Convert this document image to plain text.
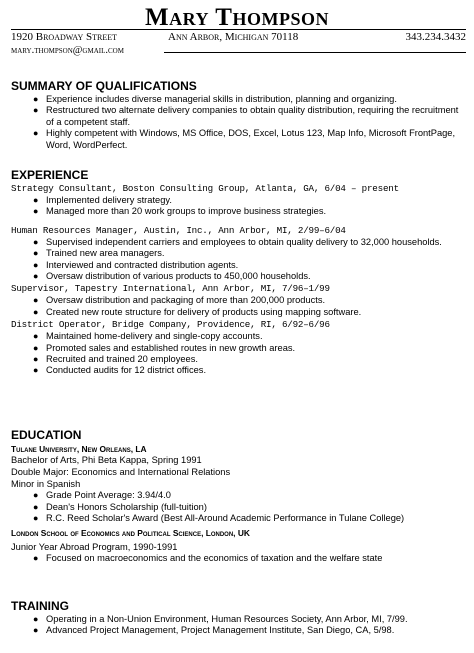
Mary Thompson
1920 Broadway Street	Ann Arbor, Michigan 70118	343.234.3432
mary.thompson@gmail.com
SUMMARY OF QUALIFICATIONS
● Experience includes diverse managerial skills in distribution, planning and organizing.
● Restructured two alternate delivery companies to obtain quality distribution, requiring the recruitment of a competent staff.
● Highly competent with Windows, MS Office, DOS, Excel, Lotus 123, Map Info, Microsoft FrontPage, Word, WordPerfect.
EXPERIENCE
Strategy Consultant, Boston Consulting Group, Atlanta, GA, 6/04 – present
● Implemented delivery strategy.
● Managed more than 20 work groups to improve business strategies.
Human Resources Manager, Austin, Inc., Ann Arbor, MI, 2/99–6/04
● Supervised independent carriers and employees to obtain quality delivery to 32,000 households.
● Trained new area managers.
● Interviewed and contracted distribution agents.
● Oversaw distribution of various products to 450,000 households.
Supervisor, Tapestry International, Ann Arbor, MI, 7/96–1/99
● Oversaw distribution and packaging of more than 200,000 products.
● Created new route structure for delivery of products using mapping software.
District Operator, Bridge Company, Providence, RI, 6/92–6/96
● Maintained home-delivery and single-copy accounts.
● Promoted sales and established routes in new growth areas.
● Recruited and trained 20 employees.
● Conducted audits for 12 district offices.
EDUCATION
Tulane University, New Orleans, LA
Bachelor of Arts, Phi Beta Kappa, Spring 1991
Double Major: Economics and International Relations
Minor in Spanish
● Grade Point Average: 3.94/4.0
● Dean's Honors Scholarship (full-tuition)
● R.C. Reed Scholar's Award (Best All-Around Academic Performance in Tulane College)
London School of Economics and Political Science, London, UK
Junior Year Abroad Program, 1990-1991
● Focused on macroeconomics and the economics of taxation and the welfare state
TRAINING
● Operating in a Non-Union Environment, Human Resources Society, Ann Arbor, MI, 7/99.
● Advanced Project Management, Project Management Institute, San Diego, CA, 5/98.
